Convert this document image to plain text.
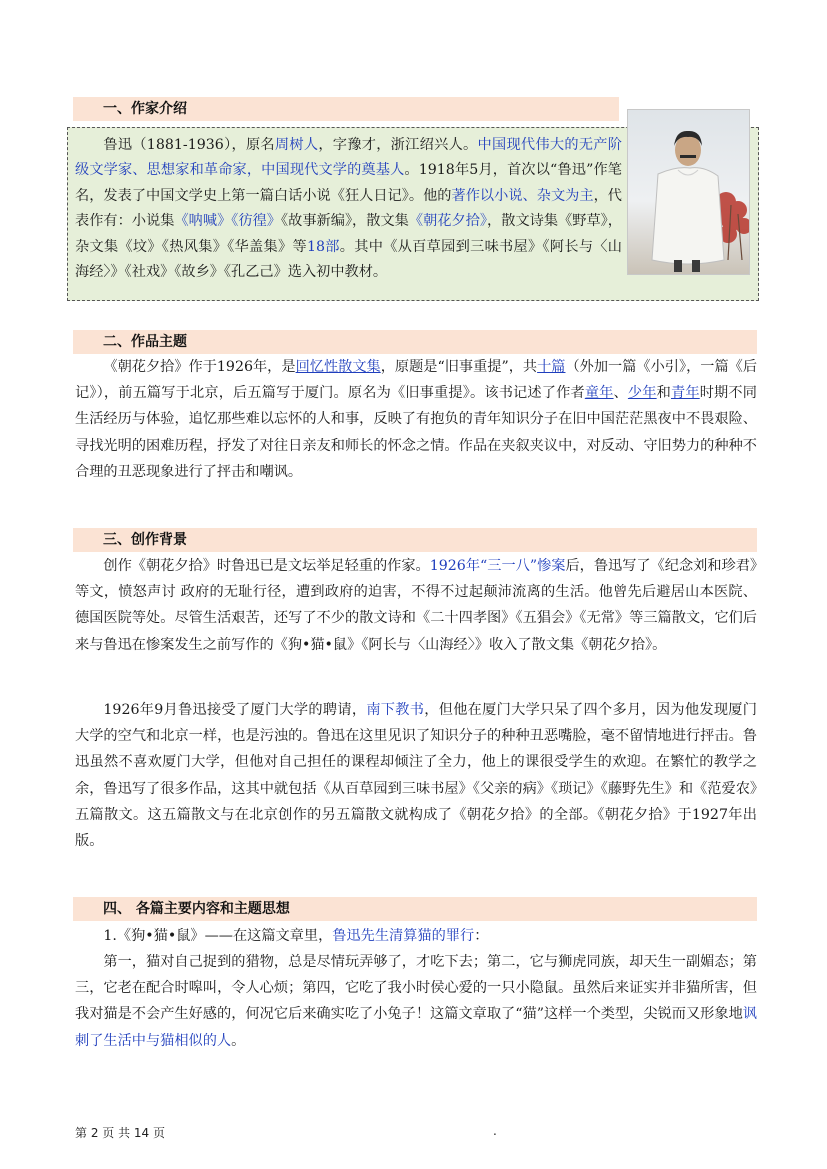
一、作家介绍

鲁迅（1881-1936），原名周树人，字豫才，浙江绍兴人。中国现代伟大的无产阶级文学家、思想家和革命家，中国现代文学的奠基人。1918年5月，首次以“鲁迅”作笔名，发表了中国文学史上第一篇白话小说《狂人日记》。他的著作以小说、杂文为主，代表作有：小说集《呐喊》《彷徨》《故事新编》，散文集《朝花夕拾》，散文诗集《野草》，杂文集《坟》《热风集》《华盖集》等18部。其中《从百草园到三味书屋》《阿长与〈山海经〉》《社戏》《故乡》《孔乙己》选入初中教材。

二、作品主题

《朝花夕拾》作于1926年，是回忆性散文集，原题是“旧事重提”，共十篇（外加一篇《小引》，一篇《后记》），前五篇写于北京，后五篇写于厦门。原名为《旧事重提》。该书记述了作者童年、少年和青年时期不同生活经历与体验，追忆那些难以忘怀的人和事，反映了有抱负的青年知识分子在旧中国茫茫黑夜中不畏艰险、寻找光明的困难历程，抒发了对往日亲友和师长的怀念之情。作品在夹叙夹议中，对反动、守旧势力的种种不合理的丑恶现象进行了抨击和嘲讽。

三、创作背景

创作《朝花夕拾》时鲁迅已是文坛举足轻重的作家。1926年“三一八”惨案后，鲁迅写了《纪念刘和珍君》等文，愤怒声讨 政府的无耻行径，遭到政府的迫害，不得不过起颠沛流离的生活。他曾先后避居山本医院、德国医院等处。尽管生活艰苦，还写了不少的散文诗和《二十四孝图》《五猖会》《无常》等三篇散文，它们后来与鲁迅在惨案发生之前写作的《狗•猫•鼠》《阿长与〈山海经〉》收入了散文集《朝花夕拾》。

1926年9月鲁迅接受了厦门大学的聘请，南下教书，但他在厦门大学只呆了四个多月，因为他发现厦门大学的空气和北京一样，也是污浊的。鲁迅在这里见识了知识分子的种种丑恶嘴脸，毫不留情地进行抨击。鲁迅虽然不喜欢厦门大学，但他对自己担任的课程却倾注了全力，他上的课很受学生的欢迎。在繁忙的教学之余，鲁迅写了很多作品，这其中就包括《从百草园到三味书屋》《父亲的病》《琐记》《藤野先生》和《范爱农》五篇散文。这五篇散文与在北京创作的另五篇散文就构成了《朝花夕拾》的全部。《朝花夕拾》于1927年出版。

四、 各篇主要内容和主题思想

1.《狗•猫•鼠》——在这篇文章里，鲁迅先生清算猫的罪行：

第一，猫对自己捉到的猎物，总是尽情玩弄够了，才吃下去；第二，它与狮虎同族，却天生一副媚态；第三，它老在配合时嗥叫，令人心烦；第四，它吃了我小时侯心爱的一只小隐鼠。虽然后来证实并非猫所害，但我对猫是不会产生好感的，何况它后来确实吃了小兔子！这篇文章取了“猫”这样一个类型，尖锐而又形象地讽刺了生活中与猫相似的人。

第 2 页 共 14 页	.
